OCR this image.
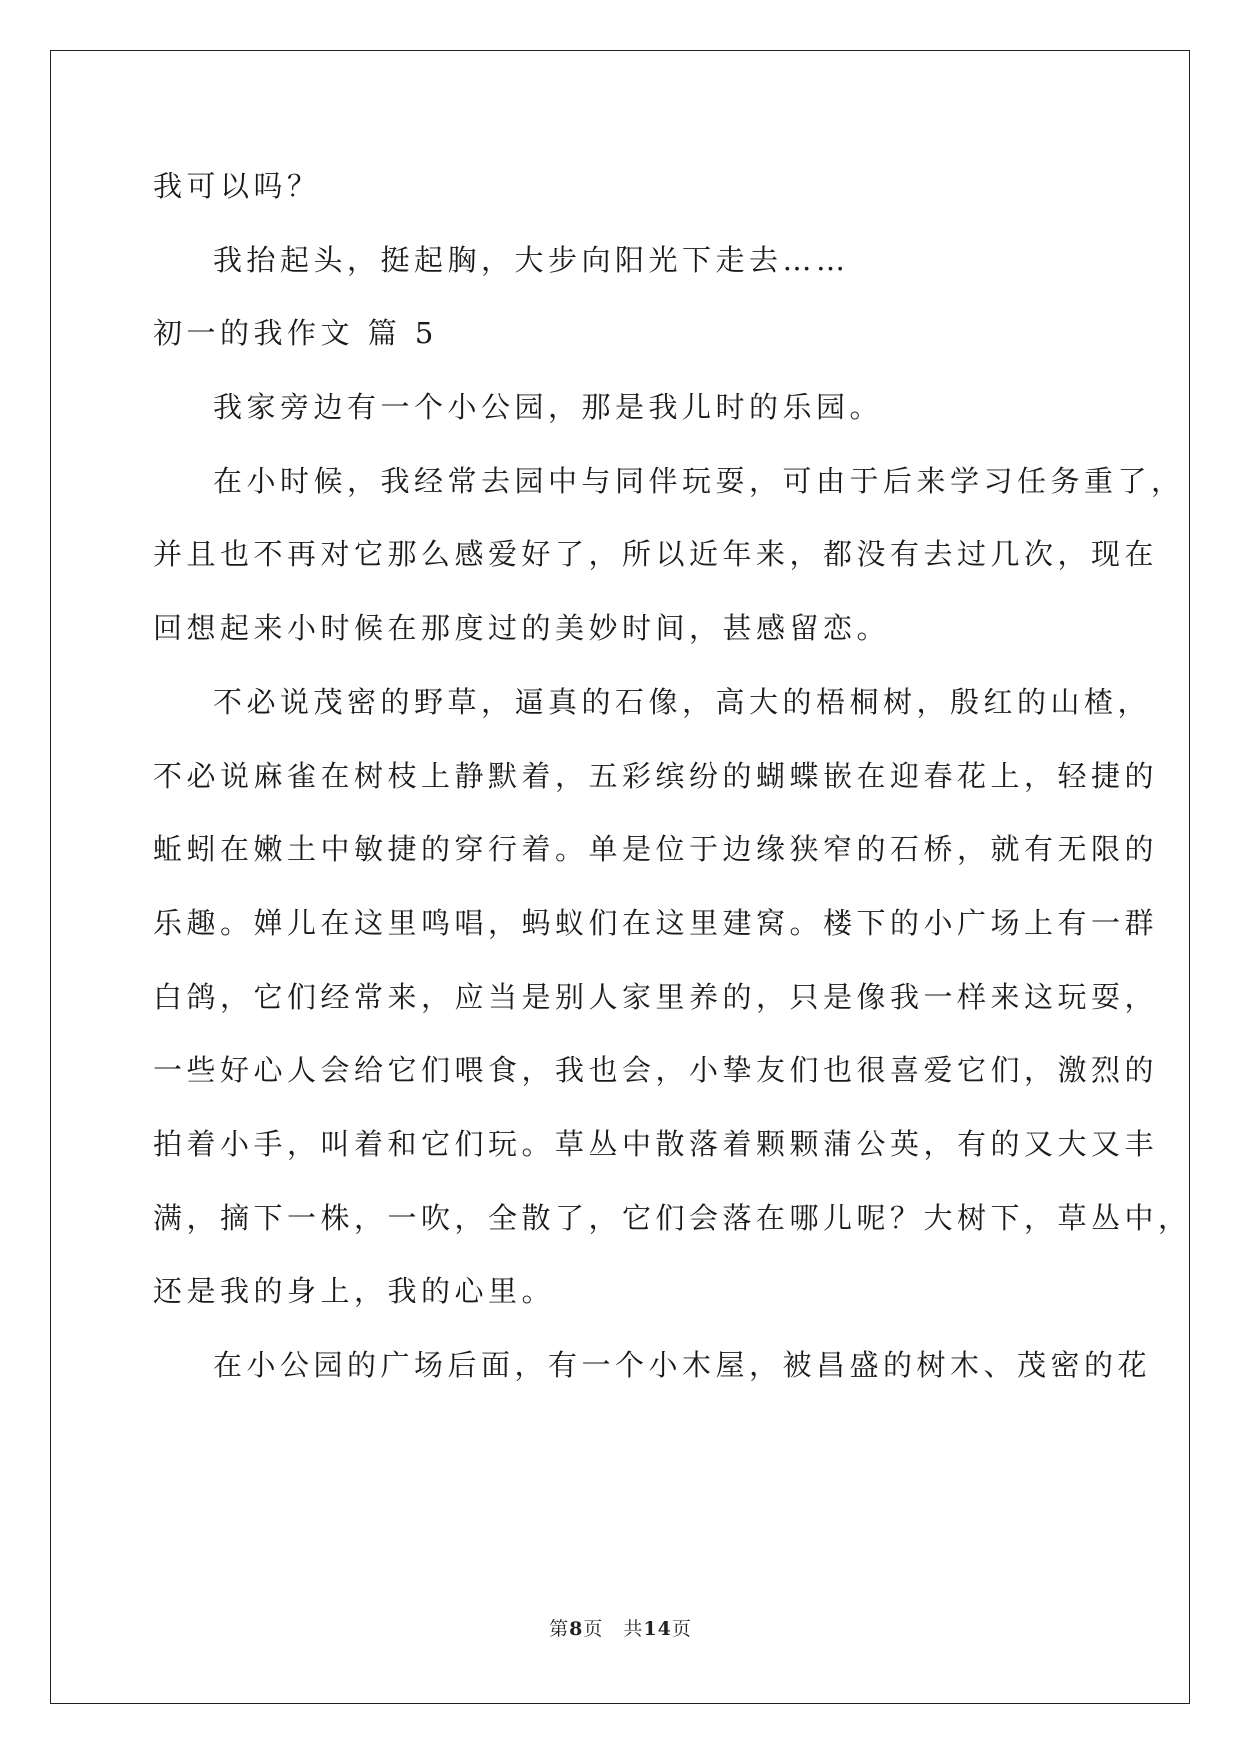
我可以吗？
我抬起头，挺起胸，大步向阳光下走去……
初一的我作文 篇 5
我家旁边有一个小公园，那是我儿时的乐园。
在小时候，我经常去园中与同伴玩耍，可由于后来学习任务重了，
并且也不再对它那么感爱好了，所以近年来，都没有去过几次，现在
回想起来小时候在那度过的美妙时间，甚感留恋。
不必说茂密的野草，逼真的石像，高大的梧桐树，殷红的山楂，
不必说麻雀在树枝上静默着，五彩缤纷的蝴蝶嵌在迎春花上，轻捷的
蚯蚓在嫩土中敏捷的穿行着。单是位于边缘狭窄的石桥，就有无限的
乐趣。婵儿在这里鸣唱，蚂蚁们在这里建窝。楼下的小广场上有一群
白鸽，它们经常来，应当是别人家里养的，只是像我一样来这玩耍，
一些好心人会给它们喂食，我也会，小挚友们也很喜爱它们，激烈的
拍着小手，叫着和它们玩。草丛中散落着颗颗蒲公英，有的又大又丰
满，摘下一株，一吹，全散了，它们会落在哪儿呢？大树下，草丛中，
还是我的身上，我的心里。
在小公园的广场后面，有一个小木屋，被昌盛的树木、茂密的花
第8页 共14页
